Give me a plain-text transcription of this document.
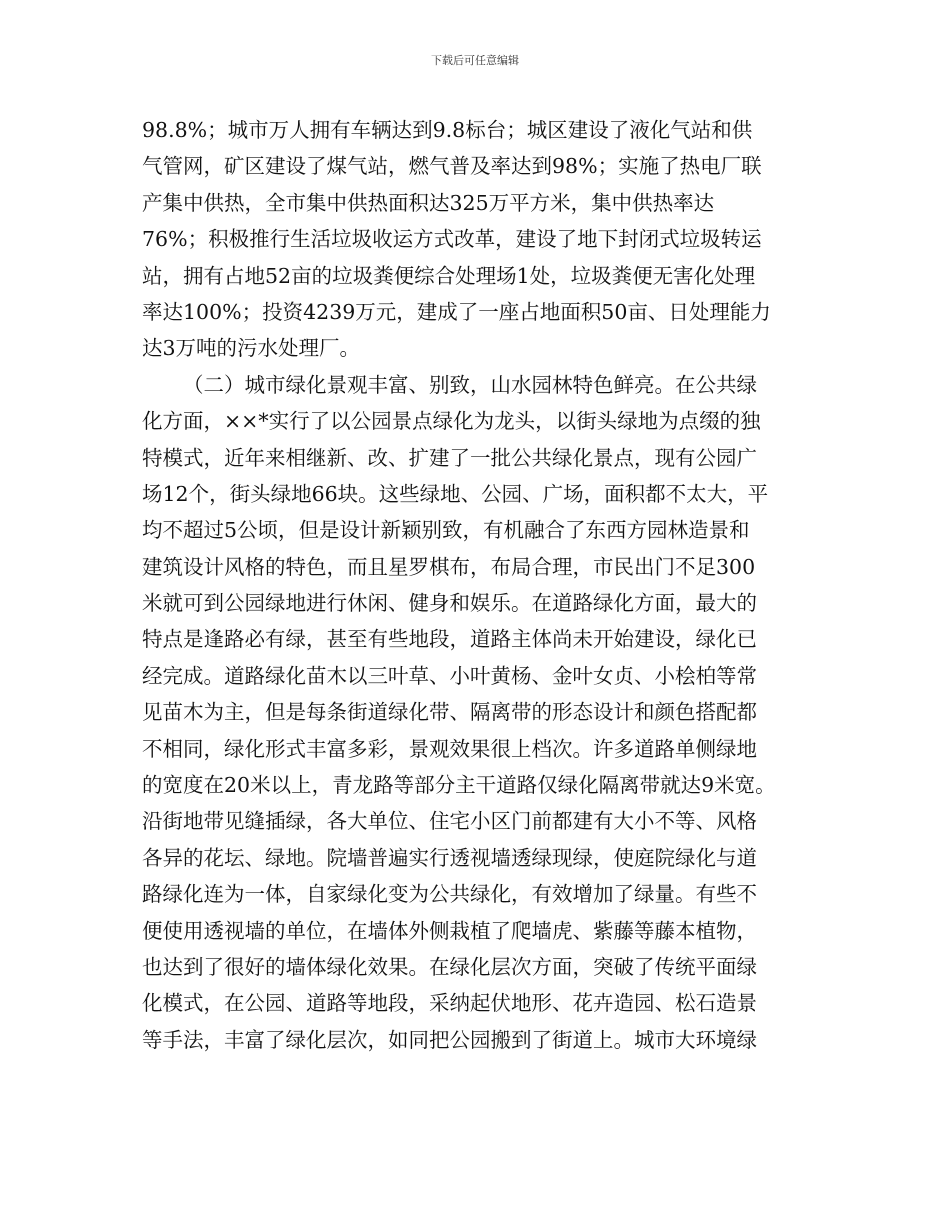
下载后可任意编辑
98.8%；城市万人拥有车辆达到9.8标台；城区建设了液化气站和供
气管网，矿区建设了煤气站，燃气普及率达到98%；实施了热电厂联
产集中供热，全市集中供热面积达325万平方米，集中供热率达
76%；积极推行生活垃圾收运方式改革，建设了地下封闭式垃圾转运
站，拥有占地52亩的垃圾粪便综合处理场1处，垃圾粪便无害化处理
率达100%；投资4239万元，建成了一座占地面积50亩、日处理能力
达3万吨的污水处理厂。
（二）城市绿化景观丰富、别致，山水园林特色鲜亮。在公共绿
化方面，××*实行了以公园景点绿化为龙头，以街头绿地为点缀的独
特模式，近年来相继新、改、扩建了一批公共绿化景点，现有公园广
场12个，街头绿地66块。这些绿地、公园、广场，面积都不太大，平
均不超过5公顷，但是设计新颖别致，有机融合了东西方园林造景和
建筑设计风格的特色，而且星罗棋布，布局合理，市民出门不足300
米就可到公园绿地进行休闲、健身和娱乐。在道路绿化方面，最大的
特点是逢路必有绿，甚至有些地段，道路主体尚未开始建设，绿化已
经完成。道路绿化苗木以三叶草、小叶黄杨、金叶女贞、小桧柏等常
见苗木为主，但是每条街道绿化带、隔离带的形态设计和颜色搭配都
不相同，绿化形式丰富多彩，景观效果很上档次。许多道路单侧绿地
的宽度在20米以上，青龙路等部分主干道路仅绿化隔离带就达9米宽。
沿街地带见缝插绿，各大单位、住宅小区门前都建有大小不等、风格
各异的花坛、绿地。院墙普遍实行透视墙透绿现绿，使庭院绿化与道
路绿化连为一体，自家绿化变为公共绿化，有效增加了绿量。有些不
便使用透视墙的单位，在墙体外侧栽植了爬墙虎、紫藤等藤本植物，
也达到了很好的墙体绿化效果。在绿化层次方面，突破了传统平面绿
化模式，在公园、道路等地段，采纳起伏地形、花卉造园、松石造景
等手法，丰富了绿化层次，如同把公园搬到了街道上。城市大环境绿
